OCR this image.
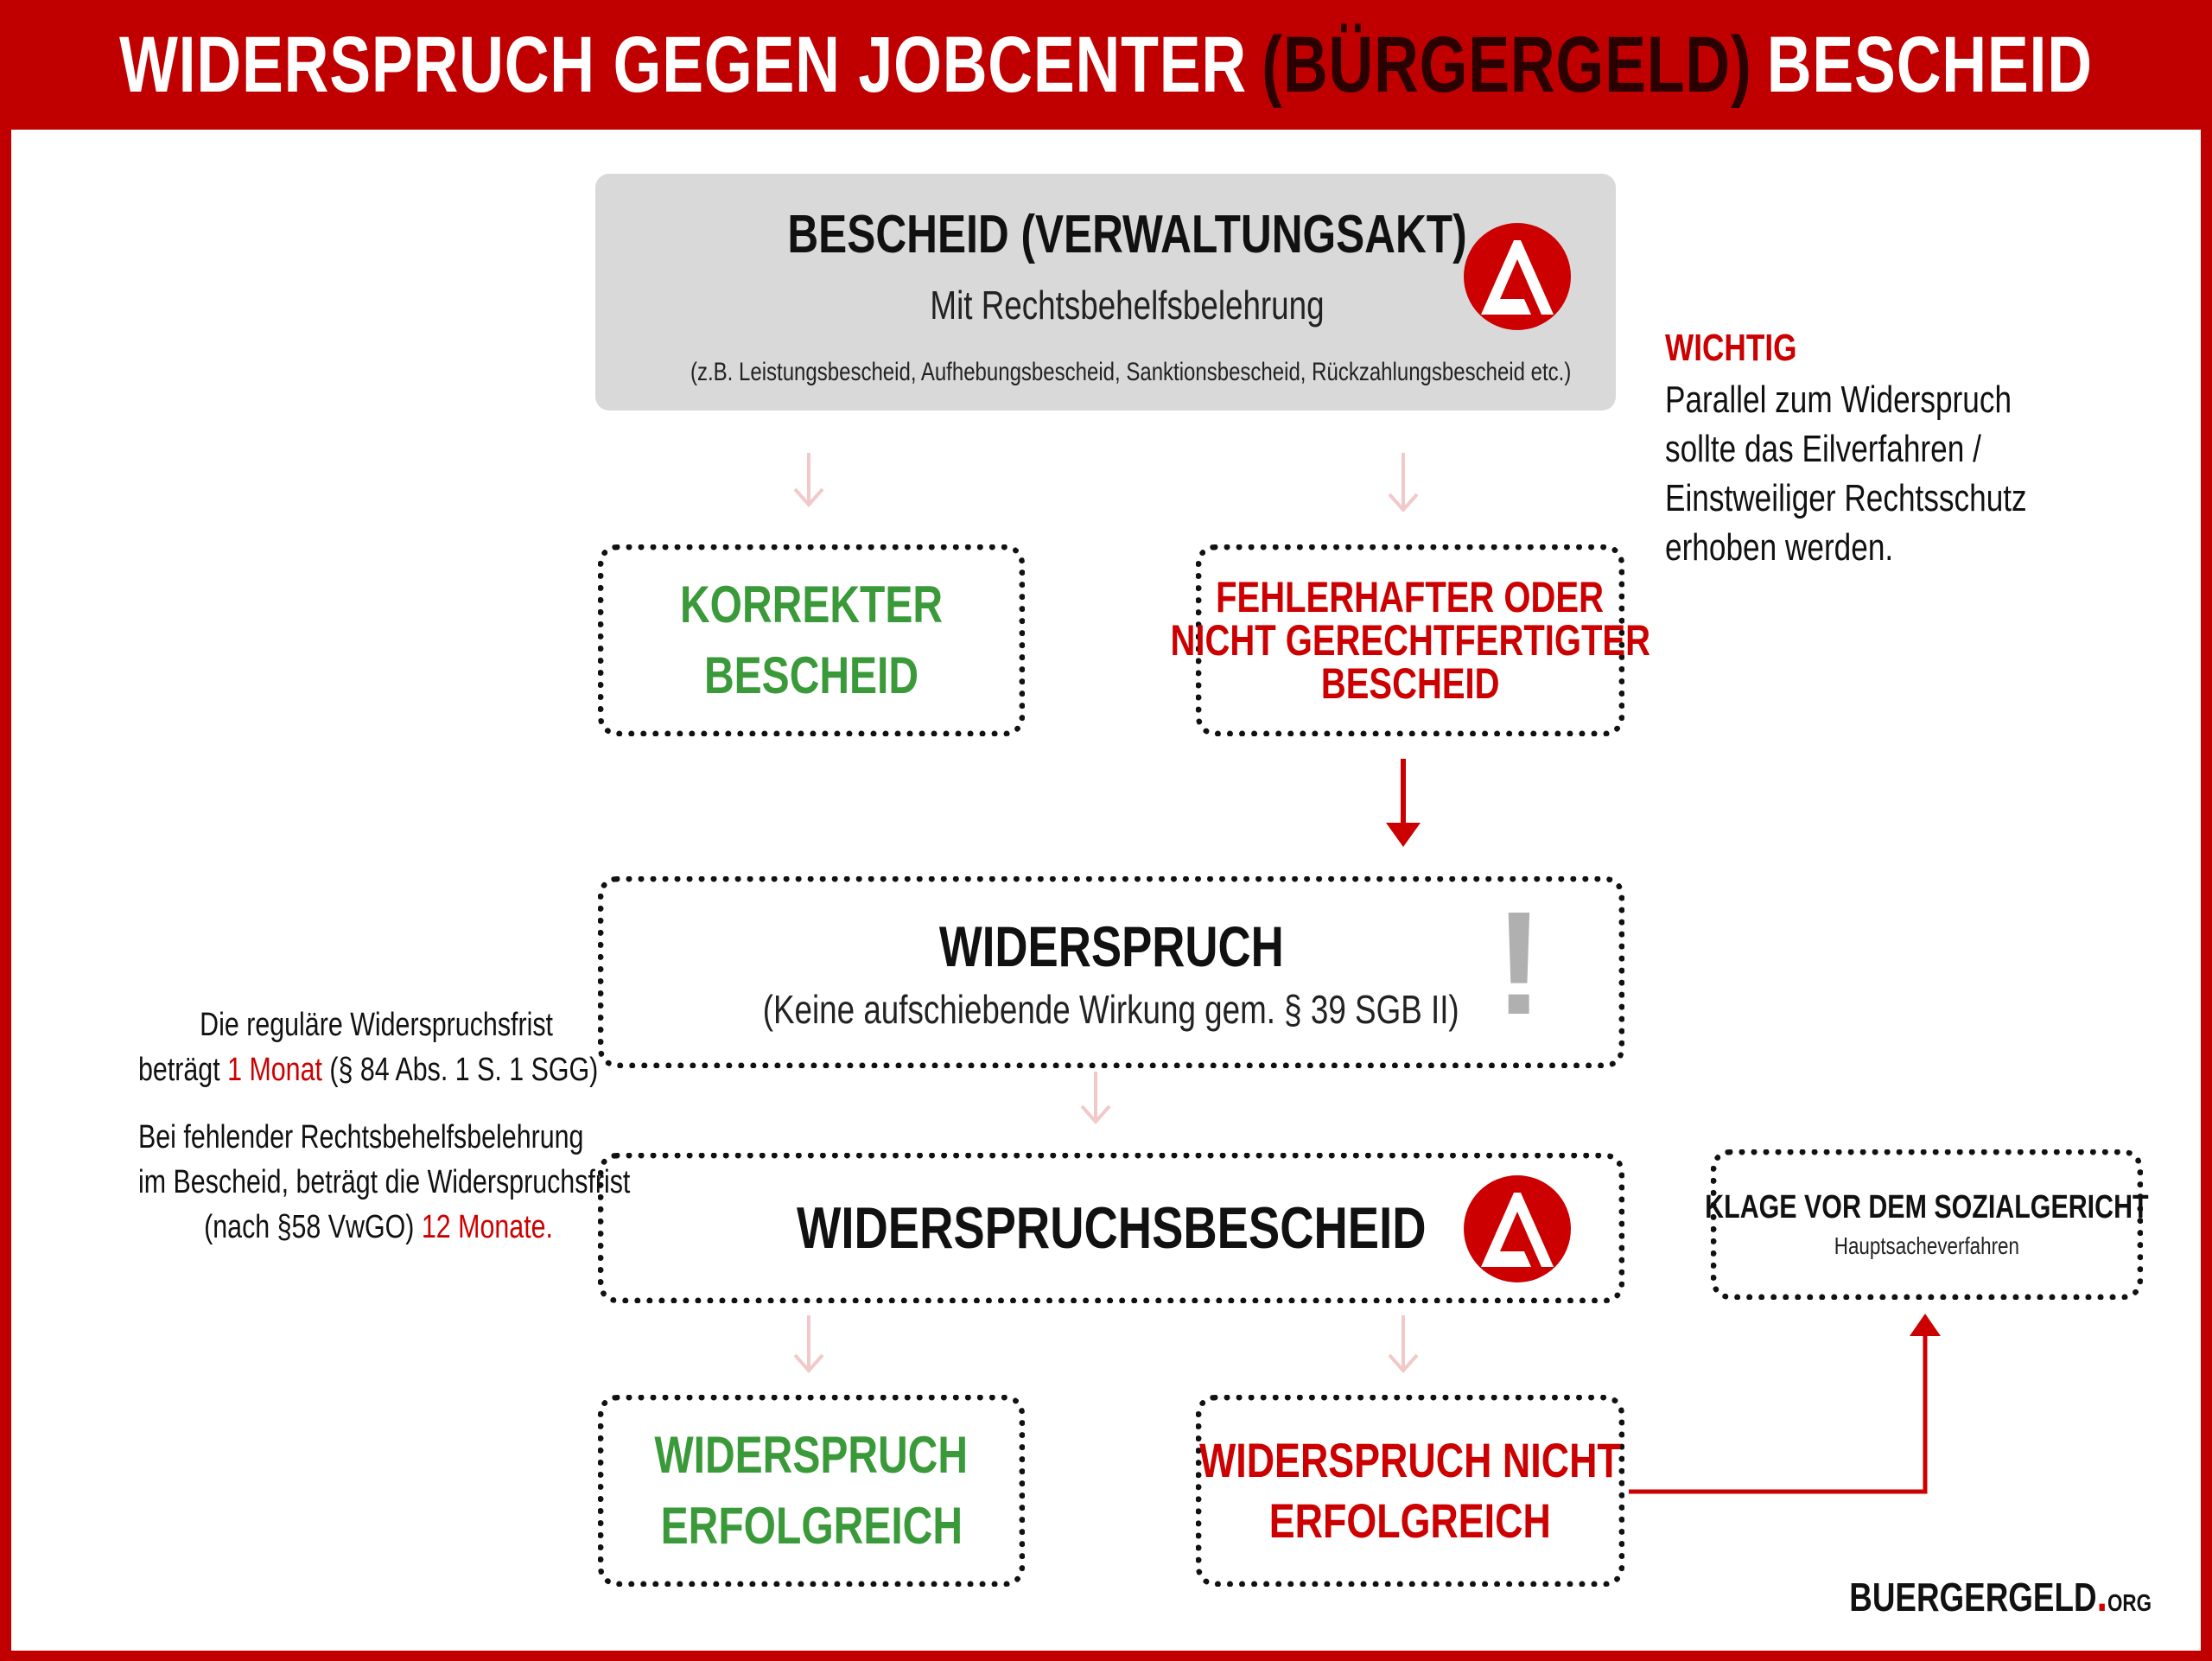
WIDERSPRUCH GEGEN JOBCENTER (BÜRGERGELD) BESCHEID
BESCHEID (VERWALTUNGSAKT)
Mit Rechtsbehelfsbelehrung
(z.B. Leistungsbescheid, Aufhebungsbescheid, Sanktionsbescheid, Rückzahlungsbescheid etc.)
WICHTIG
Parallel zum Widerspruch
sollte das Eilverfahren /
Einstweiliger Rechtsschutz
erhoben werden.
KORREKTER
BESCHEID
FEHLERHAFTER ODER
NICHT GERECHTFERTIGTER
BESCHEID
WIDERSPRUCH
(Keine aufschiebende Wirkung gem. § 39 SGB II) !
Die reguläre Widerspruchsfrist
beträgt 1 Monat (§ 84 Abs. 1 S. 1 SGG)
Bei fehlender Rechtsbehelfsbelehrung
im Bescheid, beträgt die Widerspruchsfrist
(nach §58 VwGO) 12 Monate.	WIDERSPRUCHSBESCHEID	KLAGE VOR DEM SOZIALGERICHT
Hauptsacheverfahren
WIDERSPRUCH
ERFOLGREICH
WIDERSPRUCH NICHT
ERFOLGREICH
BUERGERGELD.ORG
